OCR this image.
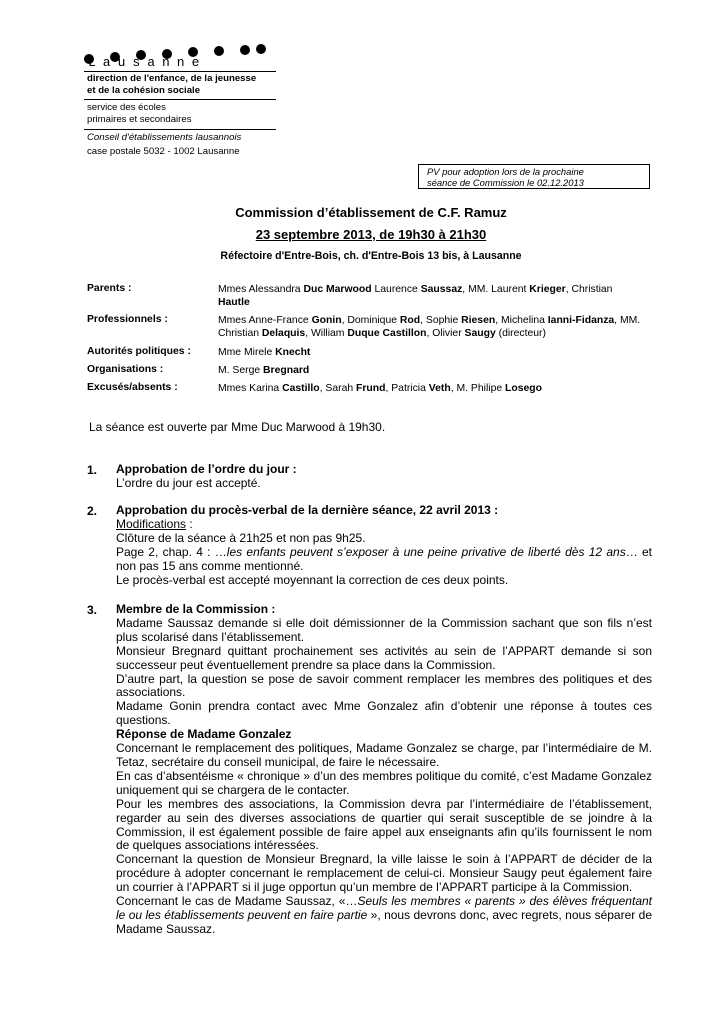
Lausanne
direction de l'enfance, de la jeunesse
et de la cohésion sociale
service des écoles
primaires et secondaires
Conseil d'établissements lausannois
case postale 5032 - 1002 Lausanne
PV pour adoption lors de la prochaine
séance de Commission le 02.12.2013
Commission d’établissement de C.F. Ramuz
23 septembre 2013, de 19h30 à 21h30
Réfectoire d'Entre-Bois, ch. d'Entre-Bois 13 bis, à Lausanne
Parents :	Mmes Alessandra Duc Marwood Laurence Saussaz, MM. Laurent Krieger, Christian
Hautle
Professionnels :	Mmes Anne-France Gonin, Dominique Rod, Sophie Riesen, Michelina Ianni-Fidanza, MM. Christian Delaquis, William Duque Castillon, Olivier Saugy (directeur)
Autorités politiques :	Mme Mirele Knecht
Organisations :	M. Serge Bregnard
Excusés/absents :	Mmes Karina Castillo, Sarah Frund, Patricia Veth, M. Philipe Losego
La séance est ouverte par Mme Duc Marwood à 19h30.
1. Approbation de l’ordre du jour :

L’ordre du jour est accepté.

2. Approbation du procès-verbal de la dernière séance, 22 avril 2013 :

Modifications :

Clôture de la séance à 21h25 et non pas 9h25.

Page 2, chap. 4 : …les enfants peuvent s’exposer à une peine privative de liberté dès 12 ans… et non pas 15 ans comme mentionné.

Le procès-verbal est accepté moyennant la correction de ces deux points.

3. Membre de la Commission :

Madame Saussaz demande si elle doit démissionner de la Commission sachant que son fils n’est plus scolarisé dans l’établissement.

Monsieur Bregnard quittant prochainement ses activités au sein de l’APPART demande si son successeur peut éventuellement prendre sa place dans la Commission.

D’autre part, la question se pose de savoir comment remplacer les membres des politiques et des associations.

Madame Gonin prendra contact avec Mme Gonzalez afin d’obtenir une réponse à toutes ces questions.

Réponse de Madame Gonzalez

Concernant le remplacement des politiques, Madame Gonzalez se charge, par l’intermédiaire de M. Tetaz, secrétaire du conseil municipal, de faire le nécessaire.

En cas d’absentéisme « chronique » d’un des membres politique du comité, c’est Madame Gonzalez uniquement qui se chargera de le contacter.

Pour les membres des associations, la Commission devra par l’intermédiaire de l’établissement, regarder au sein des diverses associations de quartier qui serait susceptible de se joindre à la Commission, il est également possible de faire appel aux enseignants afin qu’ils fournissent le nom de quelques associations intéressées.

Concernant la question de Monsieur Bregnard, la ville laisse le soin à l’APPART de décider de la procédure à adopter concernant le remplacement de celui-ci. Monsieur Saugy peut également faire un courrier à l’APPART si il juge opportun qu’un membre de l’APPART participe à la Commission.

Concernant le cas de Madame Saussaz, «…Seuls les membres « parents » des élèves fréquentant le ou les établissements peuvent en faire partie », nous devrons donc, avec regrets, nous séparer de Madame Saussaz.
